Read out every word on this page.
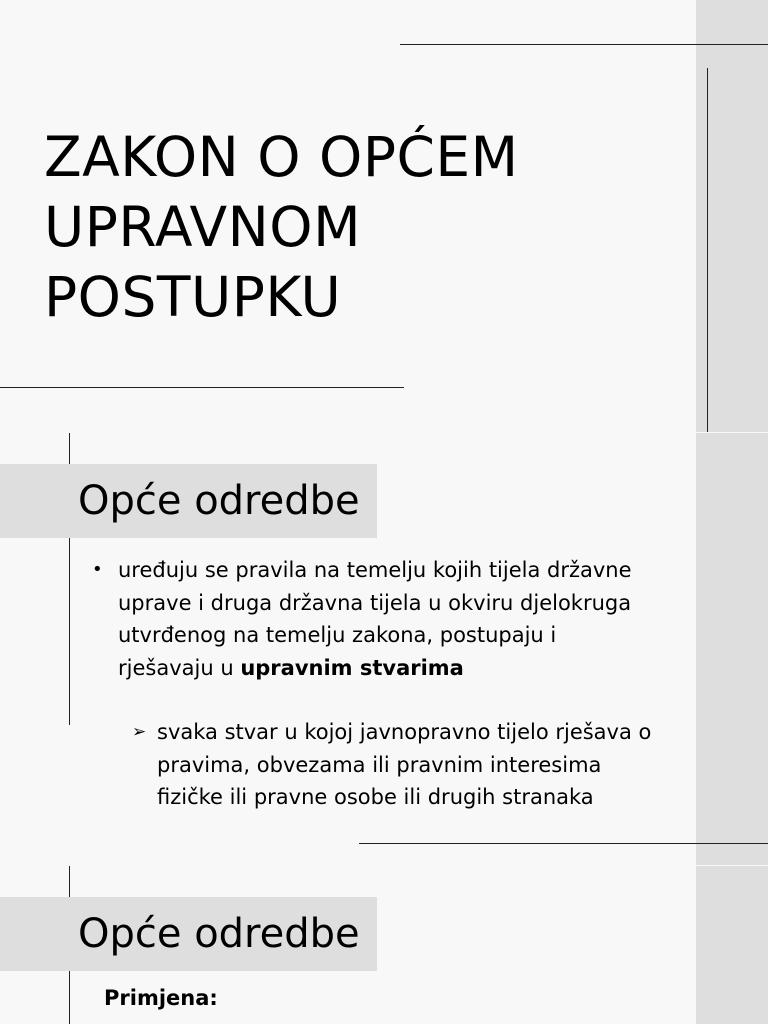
ZAKON O OPĆEM
UPRAVNOM
POSTUPKU
Opće odredbe
• uređuju se pravila na temelju kojih tijela državne uprave i druga državna tijela u okviru djelokruga utvrđenog na temelju zakona, postupaju i rješavaju u upravnim stvarima
➢ svaka stvar u kojoj javnopravno tijelo rješava o pravima, obvezama ili pravnim interesima fizičke ili pravne osobe ili drugih stranaka
Opće odredbe
Primjena:
